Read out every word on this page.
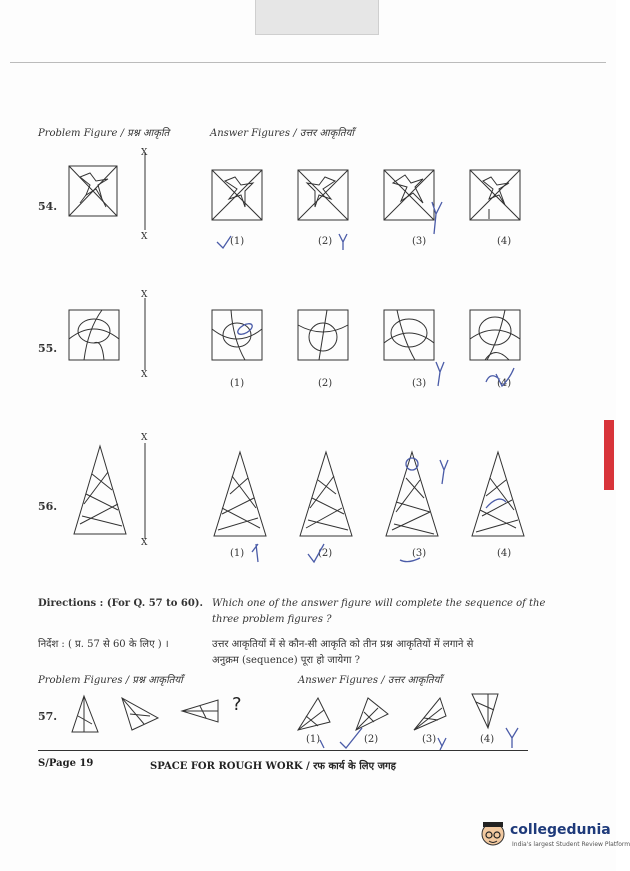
Problem Figure / प्रश्न आकृति	Answer Figures / उत्तर आकृतियाँ
54.
X
X	(1)	(2)	(3)	(4)
55.
X
X
(1)	(2)	(3)	(4)
56.
X
X
(1)	(2)	(3)	(4)
Directions : (For Q. 57 to 60). Which one of the answer figure will complete the sequence of the
three problem figures ?
निर्देश : ( प्र. 57 से 60 के लिए ) ।	उत्तर आकृतियों में से कौन-सी आकृति को तीन प्रश्न आकृतियों में लगाने से
अनुक्रम (sequence) पूरा हो जायेगा ?
Problem Figures / प्रश्न आकृतियाँ	Answer Figures / उत्तर आकृतियाँ
57.
?
(1)	(2)	(3)	(4)
S/Page 19	SPACE FOR ROUGH WORK / रफ कार्य के लिए जगह
collegedunia
India's largest Student Review Platform
